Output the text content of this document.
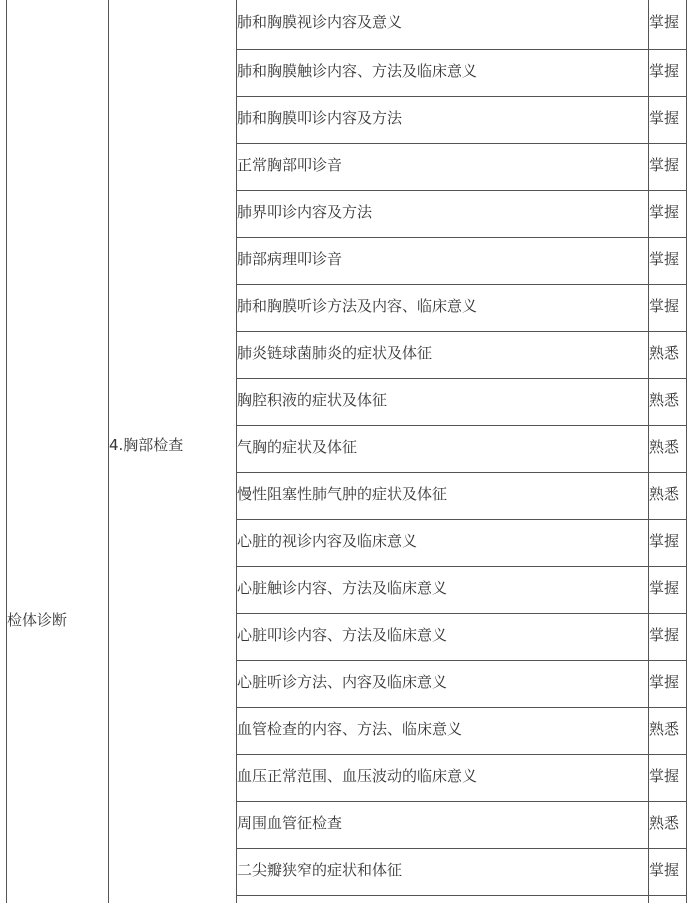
检体诊断
4.胸部检查
肺和胸膜视诊内容及意义	掌握
肺和胸膜触诊内容、方法及临床意义	掌握
肺和胸膜叩诊内容及方法	掌握
正常胸部叩诊音	掌握
肺界叩诊内容及方法	掌握
肺部病理叩诊音	掌握
肺和胸膜听诊方法及内容、临床意义	掌握
肺炎链球菌肺炎的症状及体征	熟悉
胸腔积液的症状及体征	熟悉
气胸的症状及体征	熟悉
慢性阻塞性肺气肿的症状及体征	熟悉
心脏的视诊内容及临床意义	掌握
心脏触诊内容、方法及临床意义	掌握
心脏叩诊内容、方法及临床意义	掌握
心脏听诊方法、内容及临床意义	掌握
血管检查的内容、方法、临床意义	熟悉
血压正常范围、血压波动的临床意义	掌握
周围血管征检查	熟悉
二尖瓣狭窄的症状和体征	掌握
